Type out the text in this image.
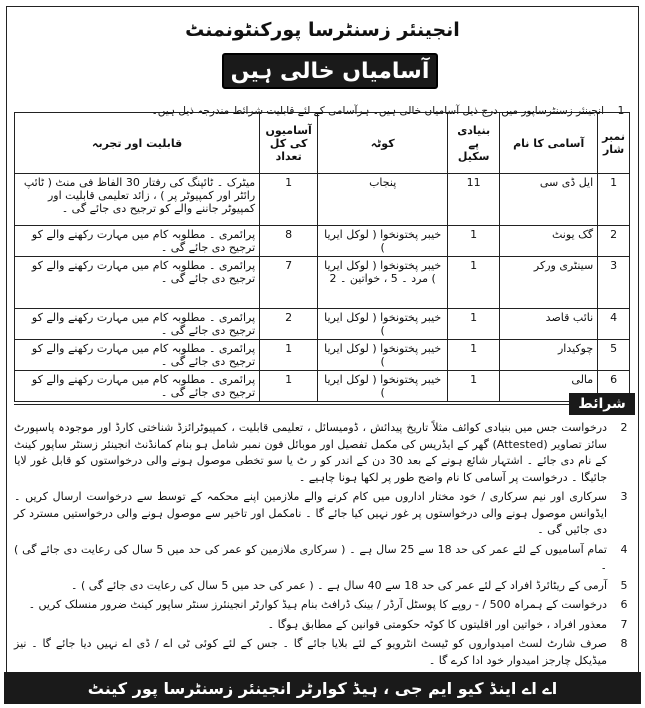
انجینئر زسنٹرسا پورکنٹونمنٹ
آسامیاں خالی ہیں
1
انجینئر زسنٹرساپور میں درج ذیل آسامیاں خالی ہیں۔ ہرآسامی کے لئے قابلیت شرائط مندرجہ ذیل ہیں۔
نمبر شار	آسامی کا نام	بنیادی پے سکیل	کوٹہ	آسامیوں کی کل تعداد	قابلیت اور تجربہ
1	ایل ڈی سی	11	پنجاب	1	میٹرک ۔ ٹائپنگ کی رفتار 30 الفاظ فی منٹ ( ٹائپ رائٹر اور کمپیوٹر پر ) ، زائد تعلیمی قابلیت اور کمپیوٹر جاننے والے کو ترجیح دی جائے گی ۔
2	گک یونٹ	1	خیبر پختونخوا ( لوکل ایریا )	8	پرائمری ۔ مطلوبہ کام میں مہارت رکھنے والے کو ترجیح دی جائے گی ۔
3	سینٹری ورکر	1	خیبر پختونخوا ( لوکل ایریا ) مرد ۔ 5 ، خواتین ۔ 2	7	پرائمری ۔ مطلوبہ کام میں مہارت رکھنے والے کو ترجیح دی جائے گی ۔
4	نائب قاصد	1	خیبر پختونخوا ( لوکل ایریا )	2	پرائمری ۔ مطلوبہ کام میں مہارت رکھنے والے کو ترجیح دی جائے گی ۔
5	چوکیدار	1	خیبر پختونخوا ( لوکل ایریا )	1	پرائمری ۔ مطلوبہ کام میں مہارت رکھنے والے کو ترجیح دی جائے گی ۔
6	مالی	1	خیبر پختونخوا ( لوکل ایریا )	1	پرائمری ۔ مطلوبہ کام میں مہارت رکھنے والے کو ترجیح دی جائے گی ۔
شرائط
2
درخواست جس میں بنیادی کوائف مثلاً تاریخ پیدائش ، ڈومیسائل ، تعلیمی قابلیت ، کمپیوٹرائزڈ شناختی کارڈ اور موجودہ پاسپورٹ سائز تصاویر (Attested) گھر کے ایڈریس کی مکمل تفصیل اور موبائل فون نمبر شامل ہو بنام کمانڈنٹ انجینئر زسنٹر ساپور کینٹ کے نام دی جائے ۔ اشتہار شائع ہونے کے بعد 30 دن کے اندر کو ر ٹ یا سو تخطی موصول ہونے والی درخواستوں کو قابل غور لایا جائیگا ۔ درخواست پر آسامی کا نام واضح طور پر لکھا ہونا چاہیے ۔
3
سرکاری اور نیم سرکاری / خود مختار اداروں میں کام کرنے والے ملازمین اپنے محکمہ کے توسط سے درخواست ارسال کریں ۔ ایڈوانس موصول ہونے والی درخواستوں پر غور نہیں کیا جائے گا ۔ نامکمل اور تاخیر سے موصول ہونے والی درخواستیں مسترد کر دی جائیں گی ۔
4
تمام آسامیوں کے لئے عمر کی حد 18 سے 25 سال ہے ۔ ( سرکاری ملازمین کو عمر کی حد میں 5 سال کی رعایت دی جائے گی ) ۔
5
آرمی کے ریٹائرڈ افراد کے لئے عمر کی حد 18 سے 40 سال ہے ۔ ( عمر کی حد میں 5 سال کی رعایت دی جائے گی ) ۔
6
درخواست کے ہمراہ 500 / - روپے کا پوسٹل آرڈر / بینک ڈرافٹ بنام ہیڈ کوارٹر انجینئرز سنٹر ساپور کینٹ ضرور منسلک کریں ۔
7
معذور افراد ، خواتین اور اقلیتوں کا کوٹہ حکومتی قوانین کے مطابق ہوگا ۔
8
صرف شارٹ لسٹ امیدواروں کو ٹیسٹ انٹرویو کے لئے بلایا جائے گا ۔ جس کے لئے کوئی ٹی اے / ڈی اے نہیں دیا جائے گا ۔ نیز میڈیکل چارجز امیدوار خود ادا کرے گا ۔
اے اے اینڈ کیو ایم جی ، ہیڈ کوارٹر انجینئر زسنٹرسا پور کینٹ
